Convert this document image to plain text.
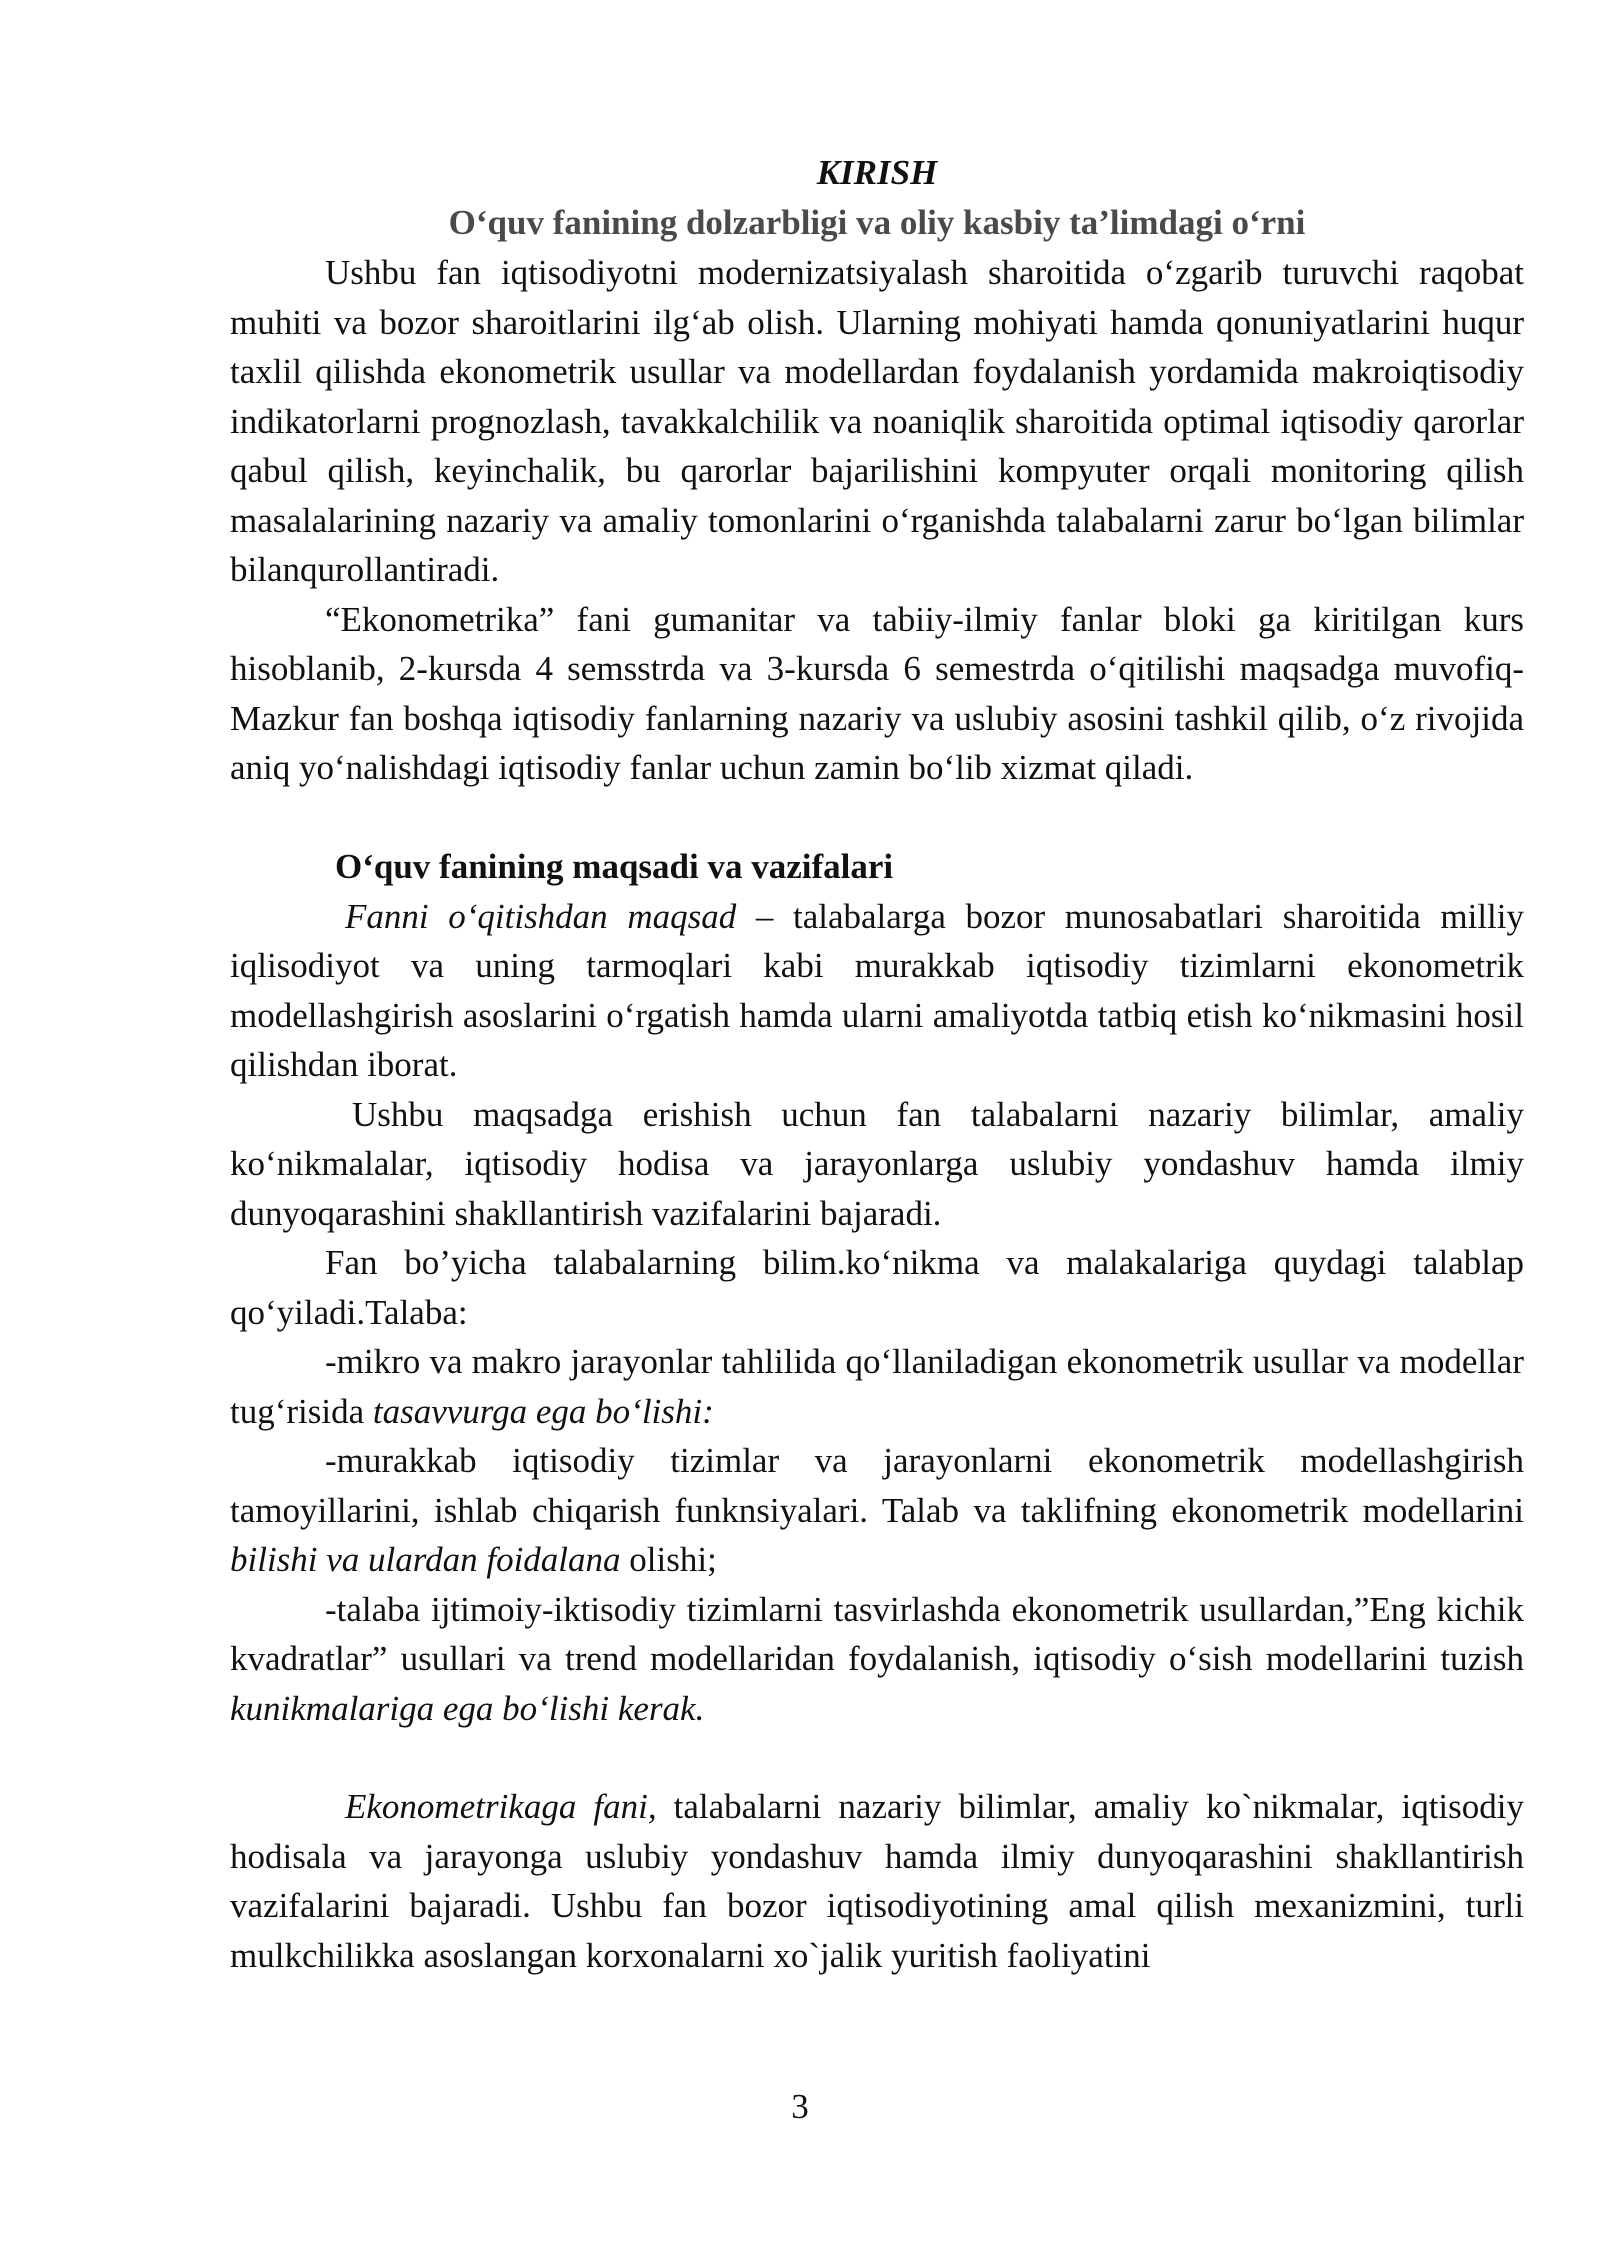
KIRISH
O‘quv fanining dolzarbligi va oliy kasbiy ta’limdagi o‘rni

Ushbu fan iqtisodiyotni modernizatsiyalash sharoitida o‘zgarib turuvchi raqobat muhiti va bozor sharoitlarini ilg‘ab olish. Ularning mohiyati hamda qonuniyatlarini huqur taxlil qilishda ekonometrik usullar va modellardan foydalanish yordamida makroiqtisodiy indikatorlarni prognozlash, tavakkalchilik va noaniqlik sharoitida optimal iqtisodiy qarorlar qabul qilish, keyinchalik, bu qarorlar bajarilishini kompyuter orqali monitoring qilish masalalarining nazariy va amaliy tomonlarini o‘rganishda talabalarni zarur bo‘lgan bilimlar bilanqurollantiradi.

“Ekonometrika” fani gumanitar va tabiiy-ilmiy fanlar bloki ga kiritilgan kurs hisoblanib, 2-kursda 4 semsstrda va 3-kursda 6 semestrda o‘qitilishi maqsadga muvofiq- Mazkur fan boshqa iqtisodiy fanlarning nazariy va uslubiy asosini tashkil qilib, o‘z rivojida aniq yo‘nalishdagi iqtisodiy fanlar uchun zamin bo‘lib xizmat qiladi.

O‘quv fanining maqsadi va vazifalari

Fanni o‘qitishdan maqsad – talabalarga bozor munosabatlari sharoitida milliy iqlisodiyot va uning tarmoqlari kabi murakkab iqtisodiy tizimlarni ekonometrik modellashgirish asoslarini o‘rgatish hamda ularni amaliyotda tatbiq etish ko‘nikmasini hosil qilishdan iborat.

Ushbu maqsadga erishish uchun fan talabalarni nazariy bilimlar, amaliy ko‘nikmalalar, iqtisodiy hodisa va jarayonlarga uslubiy yondashuv hamda ilmiy dunyoqarashini shakllantirish vazifalarini bajaradi.

Fan bo’yicha talabalarning bilim.ko‘nikma va malakalariga quydagi talablap qo‘yiladi.Talaba:

-mikro va makro jarayonlar tahlilida qo‘llaniladigan ekonometrik usullar va modellar tug‘risida tasavvurga ega bo‘lishi:

-murakkab iqtisodiy tizimlar va jarayonlarni ekonometrik modellashgirish tamoyillarini, ishlab chiqarish funknsiyalari. Talab va taklifning ekonometrik modellarini bilishi va ulardan foidalana olishi;

-talaba ijtimoiy-iktisodiy tizimlarni tasvirlashda ekonometrik usullardan,”Eng kichik kvadratlar” usullari va trend modellaridan foydalanish, iqtisodiy o‘sish modellarini tuzish kunikmalariga ega bo‘lishi kerak.

Ekonometrikaga fani, talabalarni nazariy bilimlar, amaliy ko`nikmalar, iqtisodiy hodisala va jarayonga uslubiy yondashuv hamda ilmiy dunyoqarashini shakllantirish vazifalarini bajaradi. Ushbu fan bozor iqtisodiyotining amal qilish mexanizmini, turli mulkchilikka asoslangan korxonalarni xo`jalik yuritish faoliyatini

3
